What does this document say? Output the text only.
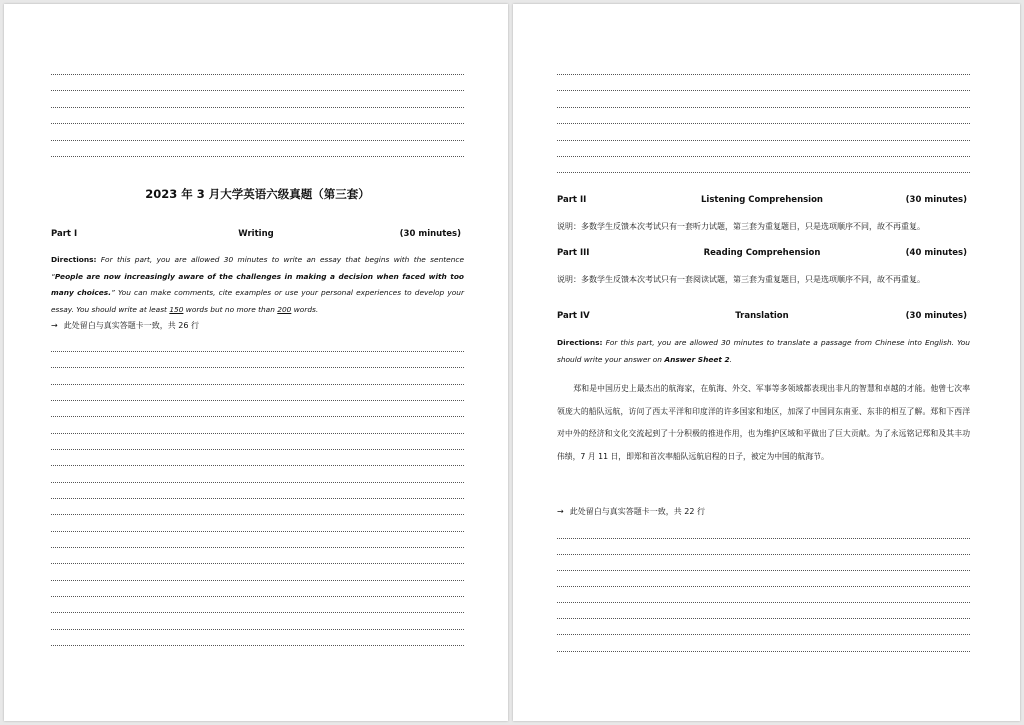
2023 年 3 月大学英语六级真题（第三套）
Part I	Writing	(30 minutes)
Directions: For this part, you are allowed 30 minutes to write an essay that begins with the sentence “People are now increasingly aware of the challenges in making a decision when faced with too many choices.” You can make comments, cite examples or use your personal experiences to develop your essay. You should write at least 150 words but no more than 200 words.
→ 此处留白与真实答题卡一致，共 26 行
Part II	Listening Comprehension	(30 minutes)
说明：多数学生反馈本次考试只有一套听力试题，第三套为重复题目，只是选项顺序不同，故不再重复。
Part III	Reading Comprehension	(40 minutes)
说明：多数学生反馈本次考试只有一套阅读试题，第三套为重复题目，只是选项顺序不同，故不再重复。
Part IV	Translation	(30 minutes)
Directions: For this part, you are allowed 30 minutes to translate a passage from Chinese into English. You should write your answer on Answer Sheet 2.
郑和是中国历史上最杰出的航海家，在航海、外交、军事等多领域都表现出非凡的智慧和卓越的才能。他曾七次率领庞大的船队远航，访问了西太平洋和印度洋的许多国家和地区，加深了中国同东南亚、东非的相互了解。郑和下西洋对中外的经济和文化交流起到了十分积极的推进作用，也为维护区域和平做出了巨大贡献。为了永远铭记郑和及其丰功伟绩，7 月 11 日，即郑和首次率船队远航启程的日子，被定为中国的航海节。
→ 此处留白与真实答题卡一致，共 22 行
